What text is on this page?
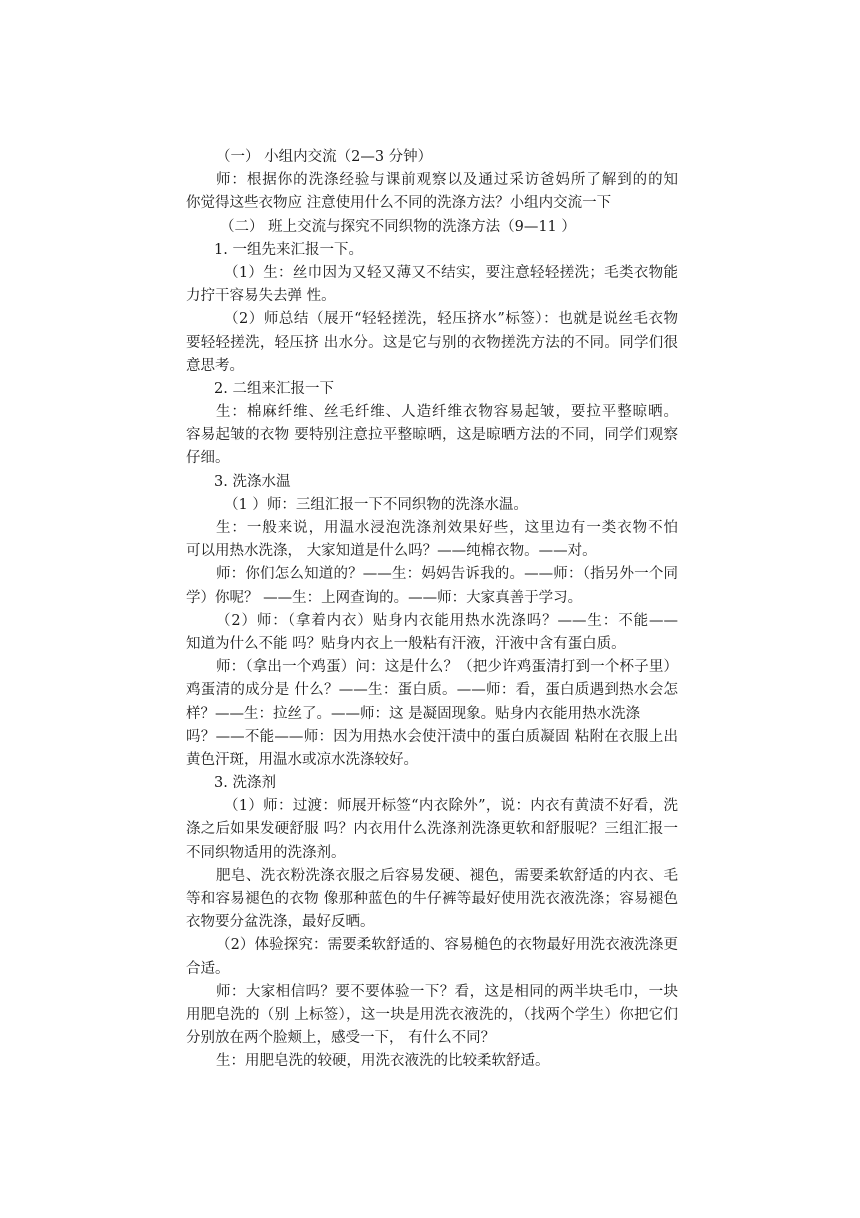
（一） 小组内交流（2—3 分钟）

师：根据你的洗涤经验与课前观察以及通过采访爸妈所了解到的的知

你觉得这些衣物应 注意使用什么不同的洗涤方法？小组内交流一下

（二） 班上交流与探究不同织物的洗涤方法（9—11 ）

1. 一组先来汇报一下。

（1）生：丝巾因为又轻又薄又不结实，要注意轻轻搓洗；毛类衣物能

力拧干容易失去弹 性。

（2）师总结（展开“轻轻搓洗，轻压挤水”标签）：也就是说丝毛衣物

要轻轻搓洗，轻压挤 出水分。这是它与别的衣物搓洗方法的不同。同学们很

意思考。

2. 二组来汇报一下

生：棉麻纤维、丝毛纤维、人造纤维衣物容易起皱，要拉平整晾晒。

容易起皱的衣物 要特别注意拉平整晾晒，这是晾晒方法的不同，同学们观察

仔细。

3. 洗涤水温

（1 ）师：三组汇报一下不同织物的洗涤水温。

生：一般来说，用温水浸泡洗涤剂效果好些，这里边有一类衣物不怕

可以用热水洗涤， 大家知道是什么吗？——纯棉衣物。——对。

师：你们怎么知道的？——生：妈妈告诉我的。——师：（指另外一个同

学）你呢？ ——生：上网查询的。——师：大家真善于学习。

（2）师：（拿着内衣）贴身内衣能用热水洗涤吗？——生：不能——

知道为什么不能 吗？贴身内衣上一般粘有汗液，汗液中含有蛋白质。

师：（拿出一个鸡蛋）问：这是什么？（把少许鸡蛋清打到一个杯子里）

鸡蛋清的成分是 什么？——生：蛋白质。——师：看，蛋白质遇到热水会怎

样？——生：拉丝了。——师：这 是凝固现象。贴身内衣能用热水洗涤

吗？——不能——师：因为用热水会使汗渍中的蛋白质凝固 粘附在衣服上出

黄色汗斑，用温水或凉水洗涤较好。

3. 洗涤剂

（1）师：过渡：师展开标签“内衣除外”，说：内衣有黄渍不好看，洗

涤之后如果发硬舒服 吗？内衣用什么洗涤剂洗涤更软和舒服呢？三组汇报一

不同织物适用的洗涤剂。

肥皂、洗衣粉洗涤衣服之后容易发硬、褪色，需要柔软舒适的内衣、毛

等和容易褪色的衣物 像那种蓝色的牛仔裤等最好使用洗衣液洗涤；容易褪色

衣物要分盆洗涤，最好反晒。

（2）体验探究：需要柔软舒适的、容易槌色的衣物最好用洗衣液洗涤更

合适。

师：大家相信吗？要不要体验一下？看，这是相同的两半块毛巾，一块

用肥皂洗的（别 上标签），这一块是用洗衣液洗的，（找两个学生）你把它们

分别放在两个脸颊上，感受一下， 有什么不同？

生：用肥皂洗的较硬，用洗衣液洗的比较柔软舒适。
